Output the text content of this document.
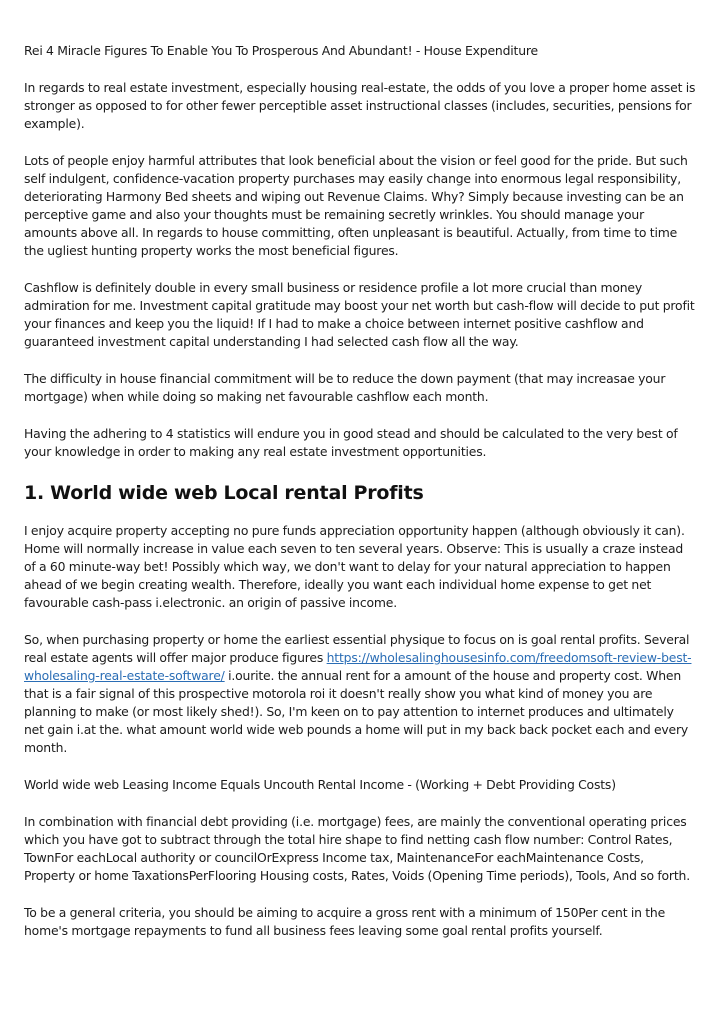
Rei 4 Miracle Figures To Enable You To Prosperous And Abundant! - House Expenditure

In regards to real estate investment, especially housing real-estate, the odds of you love a proper home asset is stronger as opposed to for other fewer perceptible asset instructional classes (includes, securities, pensions for example).

Lots of people enjoy harmful attributes that look beneficial about the vision or feel good for the pride. But such self indulgent, confidence-vacation property purchases may easily change into enormous legal responsibility, deteriorating Harmony Bed sheets and wiping out Revenue Claims. Why? Simply because investing can be an perceptive game and also your thoughts must be remaining secretly wrinkles. You should manage your amounts above all. In regards to house committing, often unpleasant is beautiful. Actually, from time to time the ugliest hunting property works the most beneficial figures.

Cashflow is definitely double in every small business or residence profile a lot more crucial than money admiration for me. Investment capital gratitude may boost your net worth but cash-flow will decide to put profit your finances and keep you the liquid! If I had to make a choice between internet positive cashflow and guaranteed investment capital understanding I had selected cash flow all the way.

The difficulty in house financial commitment will be to reduce the down payment (that may increasae your mortgage) when while doing so making net favourable cashflow each month.

Having the adhering to 4 statistics will endure you in good stead and should be calculated to the very best of your knowledge in order to making any real estate investment opportunities.

1. World wide web Local rental Profits

I enjoy acquire property accepting no pure funds appreciation opportunity happen (although obviously it can). Home will normally increase in value each seven to ten several years. Observe: This is usually a craze instead of a 60 minute-way bet! Possibly which way, we don't want to delay for your natural appreciation to happen ahead of we begin creating wealth. Therefore, ideally you want each individual home expense to get net favourable cash-pass i.electronic. an origin of passive income.

So, when purchasing property or home the earliest essential physique to focus on is goal rental profits. Several real estate agents will offer major produce figures https://wholesalinghousesinfo.com/freedomsoft-review-best-wholesaling-real-estate-software/ i.ourite. the annual rent for a amount of the house and property cost. When that is a fair signal of this prospective motorola roi it doesn't really show you what kind of money you are planning to make (or most likely shed!). So, I'm keen on to pay attention to internet produces and ultimately net gain i.at the. what amount world wide web pounds a home will put in my back back pocket each and every month.

World wide web Leasing Income Equals Uncouth Rental Income - (Working + Debt Providing Costs)

In combination with financial debt providing (i.e. mortgage) fees, are mainly the conventional operating prices which you have got to subtract through the total hire shape to find netting cash flow number: Control Rates, TownFor eachLocal authority or councilOrExpress Income tax, MaintenanceFor eachMaintenance Costs, Property or home TaxationsPerFlooring Housing costs, Rates, Voids (Opening Time periods), Tools, And so forth.

To be a general criteria, you should be aiming to acquire a gross rent with a minimum of 150Per cent in the home's mortgage repayments to fund all business fees leaving some goal rental profits yourself.
